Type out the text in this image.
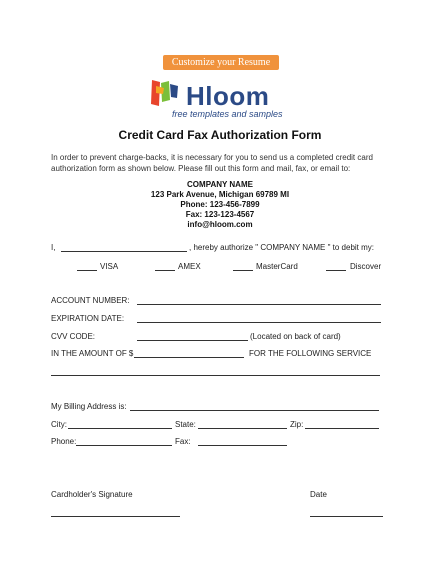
Customize your Resume
Hloom
free templates and samples
Credit Card Fax Authorization Form
In order to prevent charge-backs, it is necessary for you to send us a completed credit card
authorization form as shown below. Please fill out this form and mail, fax, or email to:
COMPANY NAME
123 Park Avenue, Michigan 69789 MI
Phone: 123-456-7899
Fax: 123-123-4567
info@hloom.com
I,	, hereby authorize " COMPANY NAME " to debit my:
VISA	AMEX	MasterCard	Discover
ACCOUNT NUMBER:
EXPIRATION DATE:
CVV CODE:	(Located on back of card)
IN THE AMOUNT OF $	FOR THE FOLLOWING SERVICE
My Billing Address is:
City:	State:	Zip:
Phone:	Fax:
Cardholder's Signature	Date
